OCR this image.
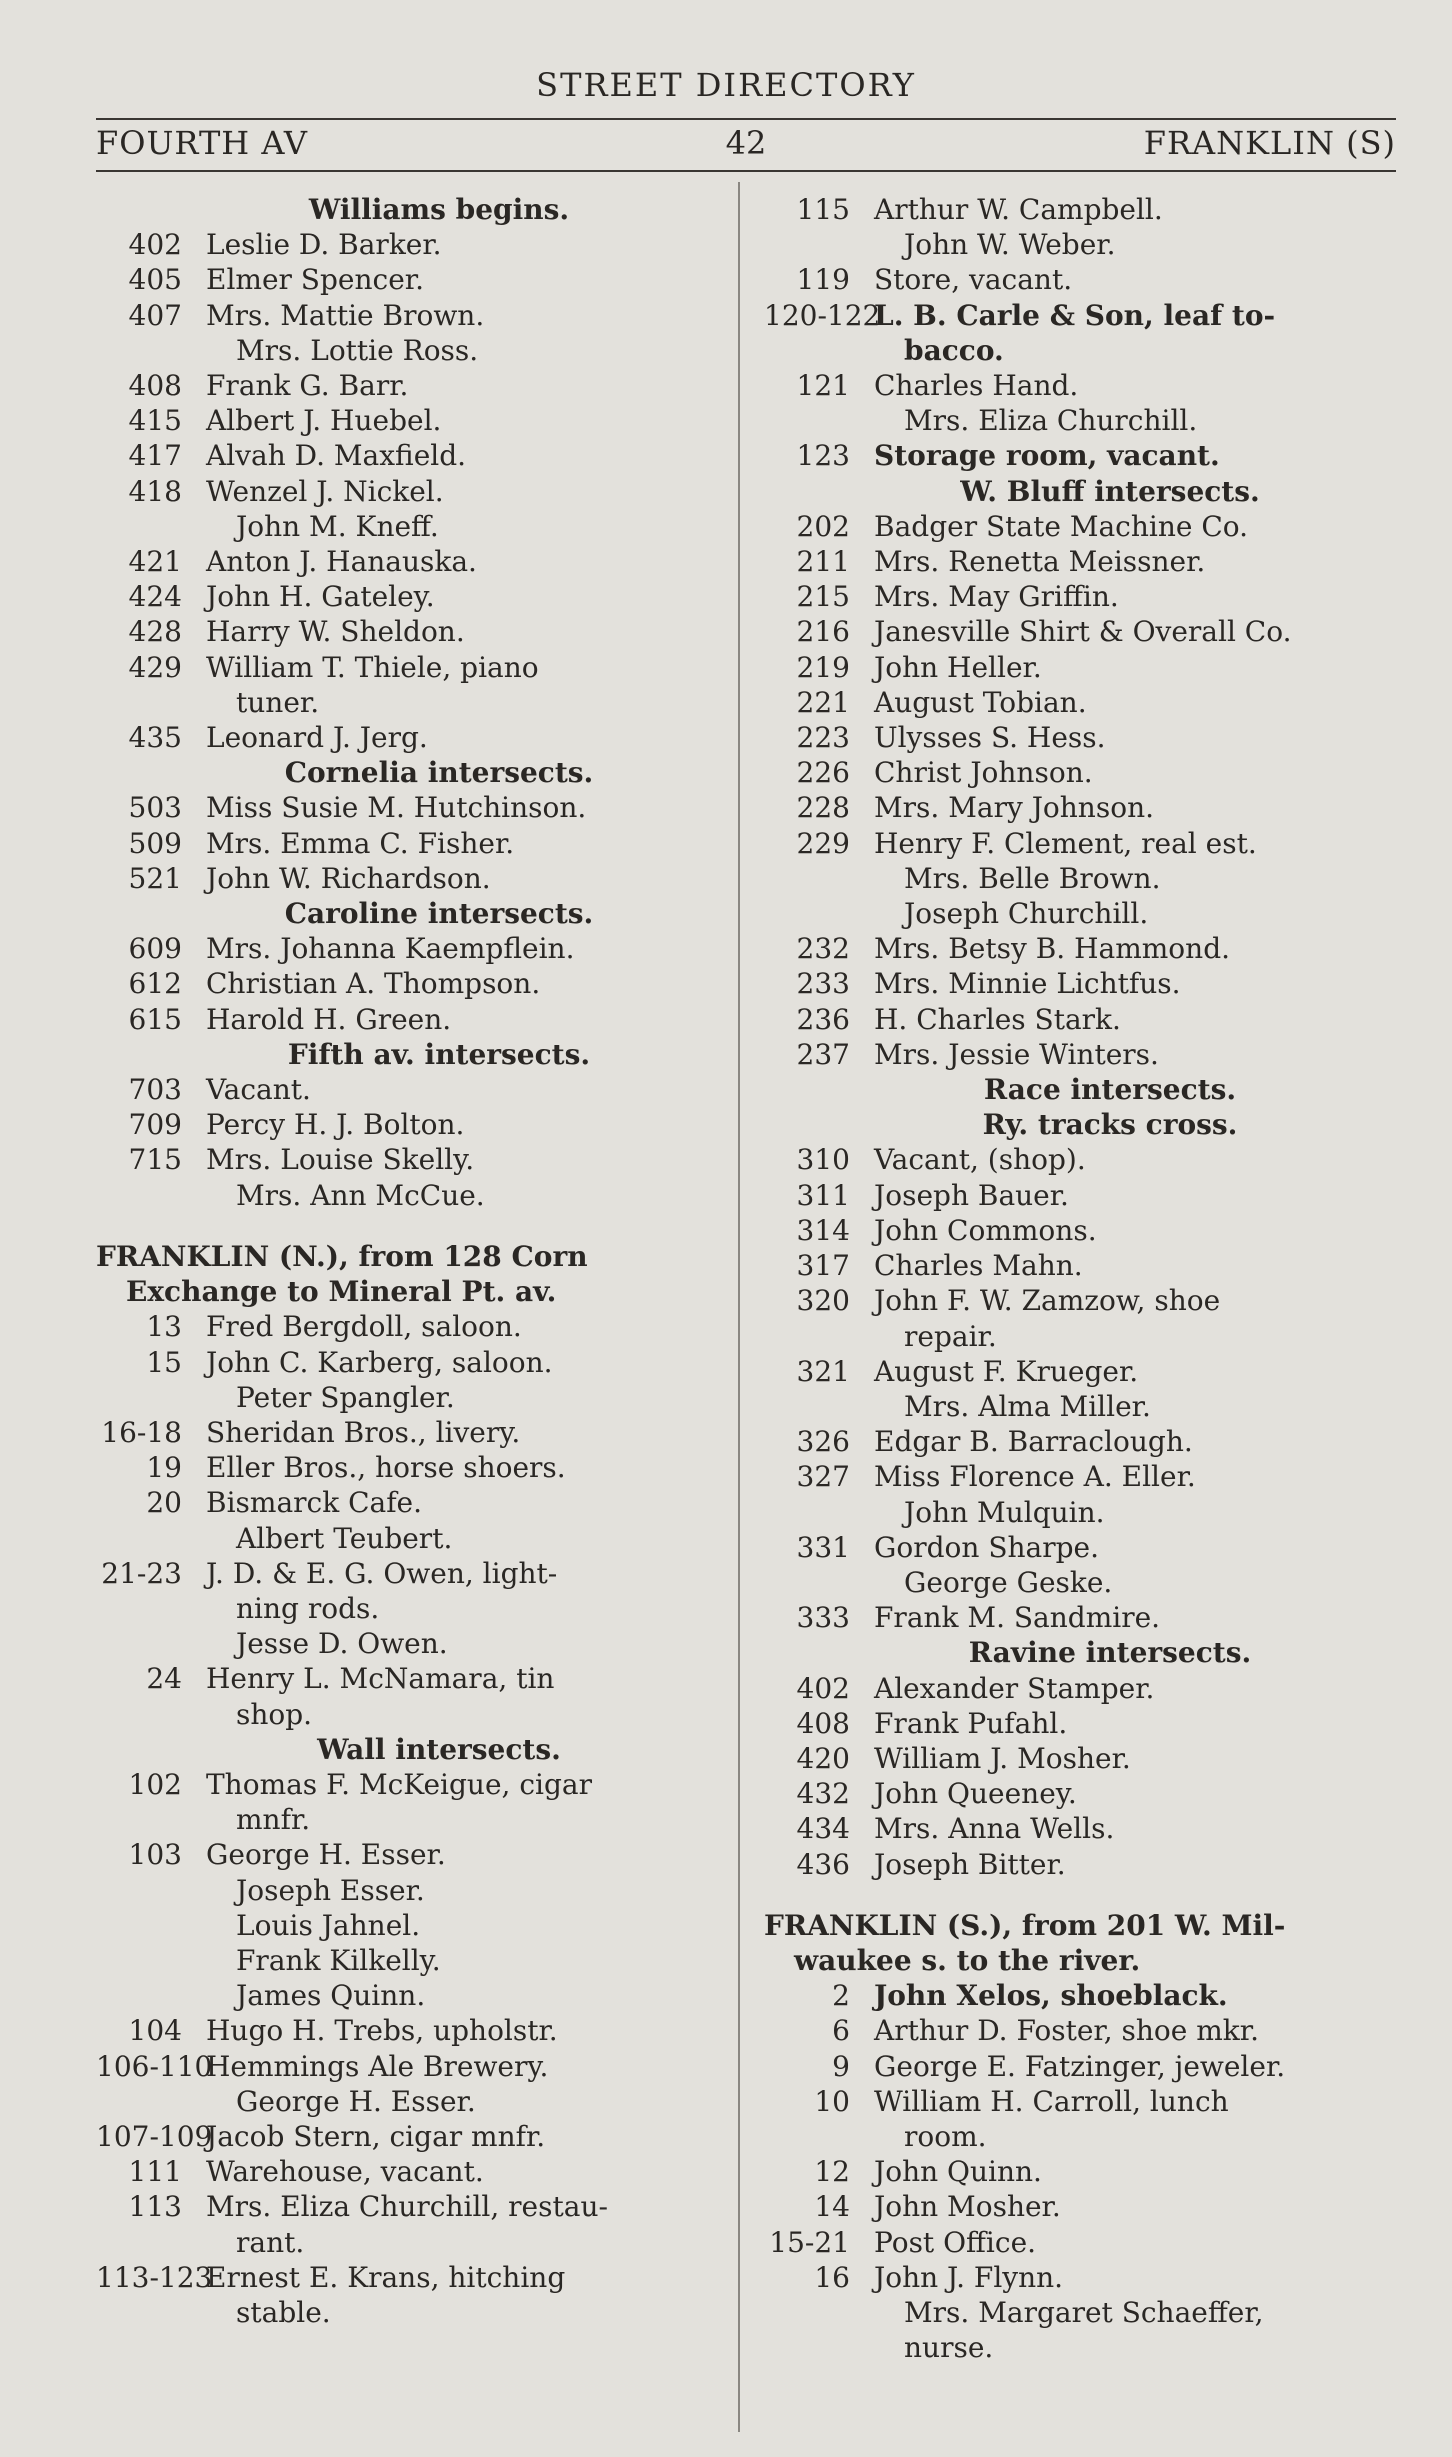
STREET DIRECTORY
FOURTH AV	42	FRANKLIN (S)
Williams begins.
402 Leslie D. Barker.
405 Elmer Spencer.
407 Mrs. Mattie Brown.
Mrs. Lottie Ross.
408 Frank G. Barr.
415 Albert J. Huebel.
417 Alvah D. Maxfield.
418 Wenzel J. Nickel.
John M. Kneff.
421 Anton J. Hanauska.
424 John H. Gateley.
428 Harry W. Sheldon.
429 William T. Thiele, piano
tuner.
435 Leonard J. Jerg.
Cornelia intersects.
503 Miss Susie M. Hutchinson.
509 Mrs. Emma C. Fisher.
521 John W. Richardson.
Caroline intersects.
609 Mrs. Johanna Kaempflein.
612 Christian A. Thompson.
615 Harold H. Green.
Fifth av. intersects.
703 Vacant.
709 Percy H. J. Bolton.
715 Mrs. Louise Skelly.
Mrs. Ann McCue.
FRANKLIN (N.), from 128 Corn
Exchange to Mineral Pt. av.
13 Fred Bergdoll, saloon.
15 John C. Karberg, saloon.
Peter Spangler.
16-18 Sheridan Bros., livery.
19 Eller Bros., horse shoers.
20 Bismarck Cafe.
Albert Teubert.
21-23 J. D. & E. G. Owen, light-
ning rods.
Jesse D. Owen.
24 Henry L. McNamara, tin
shop.
Wall intersects.
102 Thomas F. McKeigue, cigar
mnfr.
103 George H. Esser.
Joseph Esser.
Louis Jahnel.
Frank Kilkelly.
James Quinn.
104 Hugo H. Trebs, upholstr.
106-110
Hemmings Ale Brewery.
George H. Esser.
107-109
Jacob Stern, cigar mnfr.
111 Warehouse, vacant.
113 Mrs. Eliza Churchill, restau-
rant.
113-123
Ernest E. Krans, hitching
stable.
115 Arthur W. Campbell.
John W. Weber.
119 Store, vacant.
120-122
L. B. Carle & Son, leaf to-
bacco.
121 Charles Hand.
Mrs. Eliza Churchill.
123 Storage room, vacant.
W. Bluff intersects.
202 Badger State Machine Co.
211 Mrs. Renetta Meissner.
215 Mrs. May Griffin.
216 Janesville Shirt & Overall Co.
219 John Heller.
221 August Tobian.
223 Ulysses S. Hess.
226 Christ Johnson.
228 Mrs. Mary Johnson.
229 Henry F. Clement, real est.
Mrs. Belle Brown.
Joseph Churchill.
232 Mrs. Betsy B. Hammond.
233 Mrs. Minnie Lichtfus.
236 H. Charles Stark.
237 Mrs. Jessie Winters.
Race intersects.
Ry. tracks cross.
310 Vacant, (shop).
311 Joseph Bauer.
314 John Commons.
317 Charles Mahn.
320 John F. W. Zamzow, shoe
repair.
321 August F. Krueger.
Mrs. Alma Miller.
326 Edgar B. Barraclough.
327 Miss Florence A. Eller.
John Mulquin.
331 Gordon Sharpe.
George Geske.
333 Frank M. Sandmire.
Ravine intersects.
402 Alexander Stamper.
408 Frank Pufahl.
420 William J. Mosher.
432 John Queeney.
434 Mrs. Anna Wells.
436 Joseph Bitter.
FRANKLIN (S.), from 201 W. Mil-
waukee s. to the river.
2 John Xelos, shoeblack.
6 Arthur D. Foster, shoe mkr.
9 George E. Fatzinger, jeweler.
10 William H. Carroll, lunch
room.
12 John Quinn.
14 John Mosher.
15-21 Post Office.
16 John J. Flynn.
Mrs. Margaret Schaeffer,
nurse.
